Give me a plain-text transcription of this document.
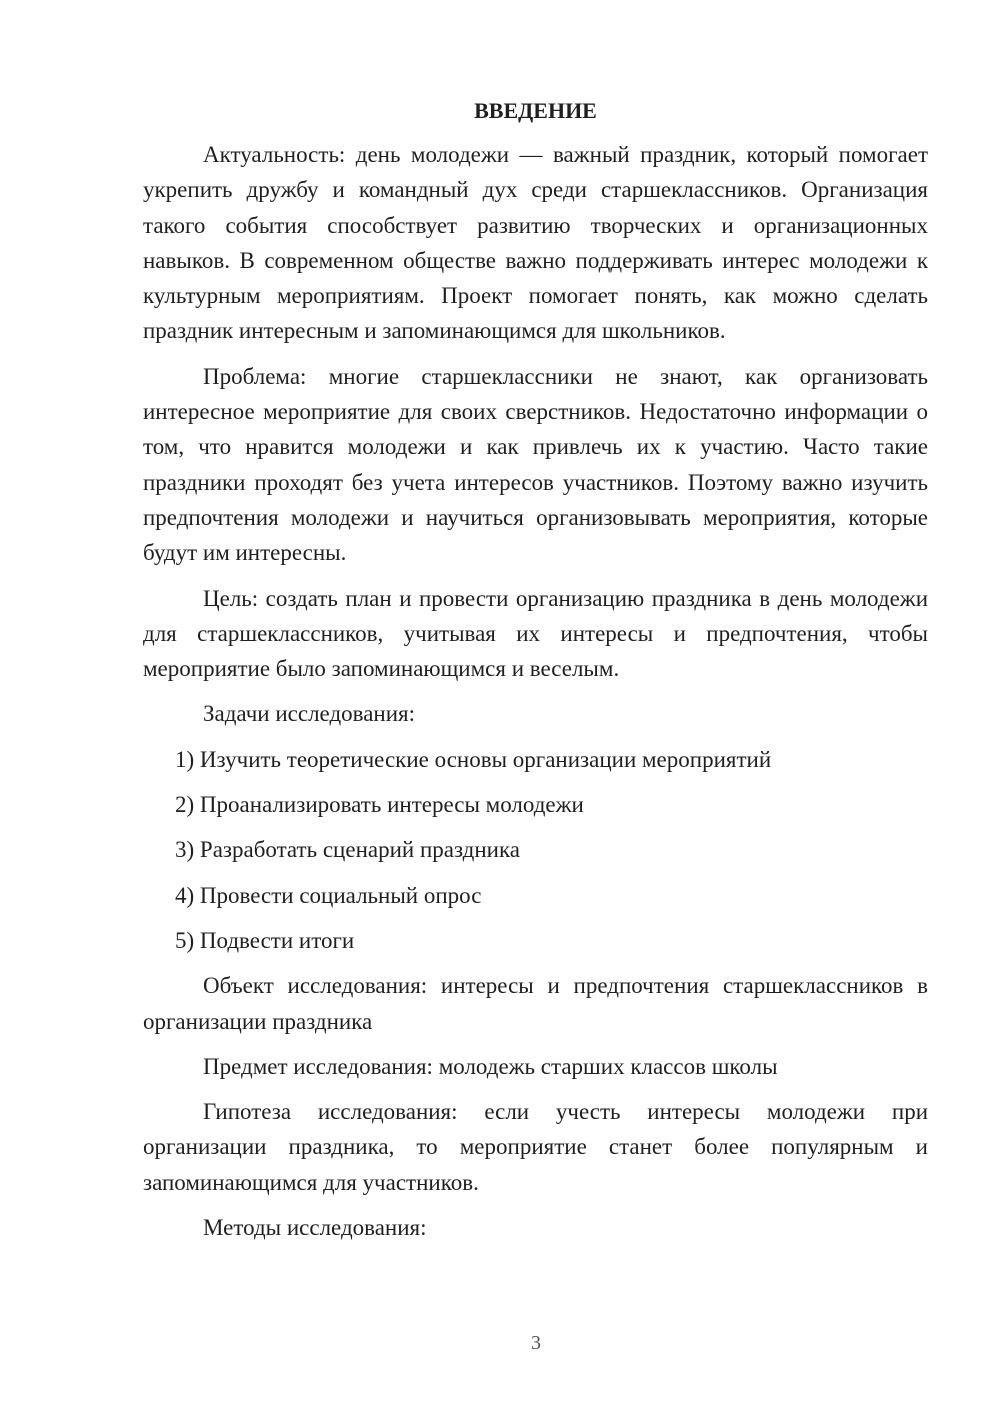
ВВЕДЕНИЕ

Актуальность: день молодежи — важный праздник, который помогает укрепить дружбу и командный дух среди старшеклассников. Организация такого события способствует развитию творческих и организационных навыков. В современном обществе важно поддерживать интерес молодежи к культурным мероприятиям. Проект помогает понять, как можно сделать праздник интересным и запоминающимся для школьников.

Проблема: многие старшеклассники не знают, как организовать интересное мероприятие для своих сверстников. Недостаточно информации о том, что нравится молодежи и как привлечь их к участию. Часто такие праздники проходят без учета интересов участников. Поэтому важно изучить предпочтения молодежи и научиться организовывать мероприятия, которые будут им интересны.

Цель: создать план и провести организацию праздника в день молодежи для старшеклассников, учитывая их интересы и предпочтения, чтобы мероприятие было запоминающимся и веселым.

Задачи исследования:

1) Изучить теоретические основы организации мероприятий
2) Проанализировать интересы молодежи
3) Разработать сценарий праздника
4) Провести социальный опрос
5) Подвести итоги

Объект исследования: интересы и предпочтения старшеклассников в организации праздника

Предмет исследования: молодежь старших классов школы

Гипотеза исследования: если учесть интересы молодежи при организации праздника, то мероприятие станет более популярным и запоминающимся для участников.

Методы исследования:

3
